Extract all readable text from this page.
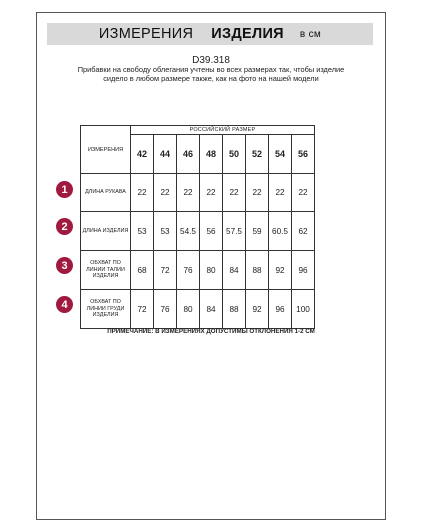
ИЗМЕРЕНИЯ ИЗДЕЛИЯ в см
D39.318
Прибавки на свободу облегания учтены во всех размерах так, чтобы изделие сидело в любом размере также, как на фото на нашей модели
ИЗМЕРЕНИЯ	РОССИЙСКИЙ РАЗМЕР							
	42	44	46	48	50	52	54	56
ДЛИНА РУКАВА	22	22	22	22	22	22	22	22
ДЛИНА ИЗДЕЛИЯ	53	53	54.5	56	57.5	59	60.5	62
ОБХВАТ ПО ЛИНИИ ТАЛИИ ИЗДЕЛИЯ	68	72	76	80	84	88	92	96
ОБХВАТ ПО ЛИНИИ ГРУДИ ИЗДЕЛИЯ	72	76	80	84	88	92	96	100
1
2
3
4
ПРИМЕЧАНИЕ: В ИЗМЕРЕНИЯХ ДОПУСТИМЫ ОТКЛОНЕНИЯ 1-2 СМ
